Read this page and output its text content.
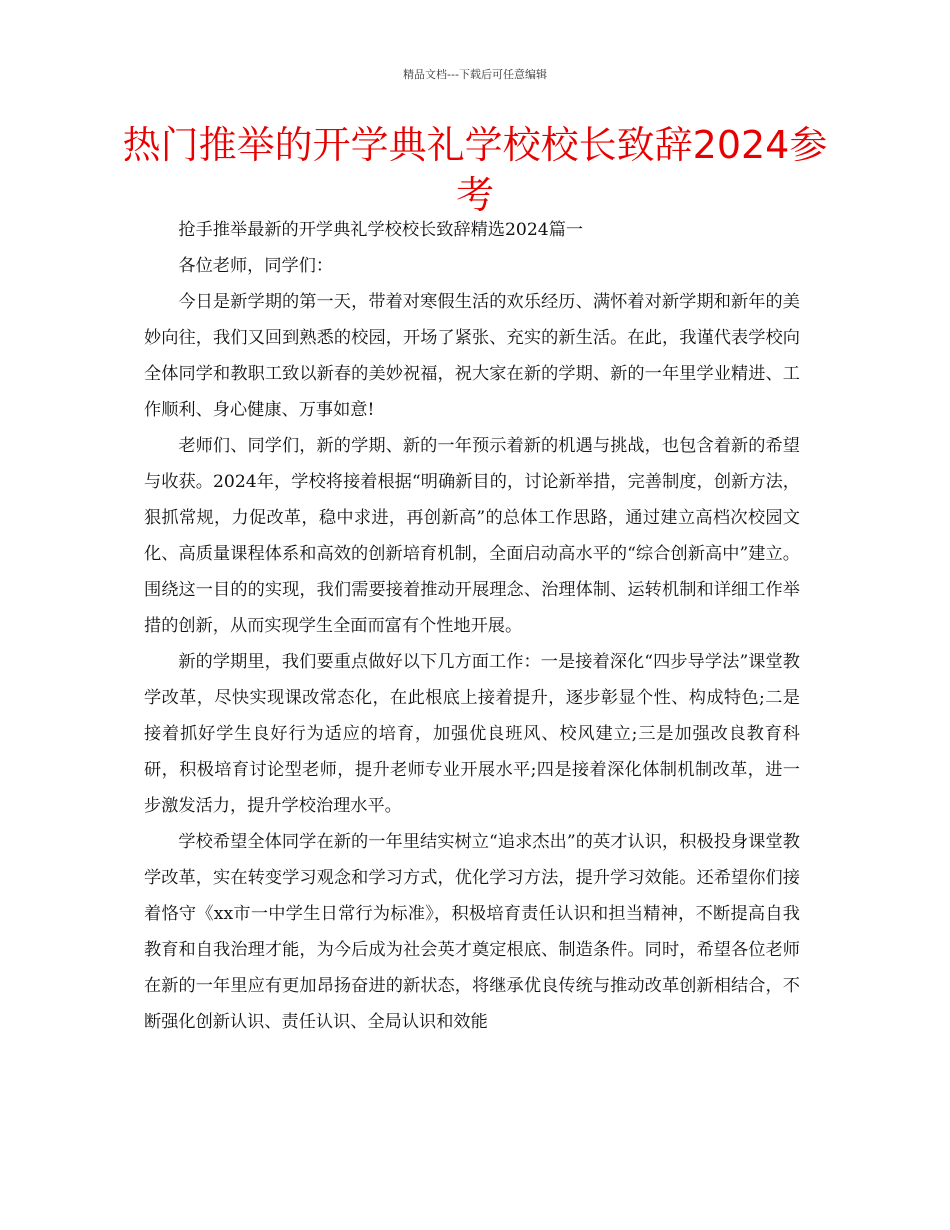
精品文档---下载后可任意编辑
热门推举的开学典礼学校校长致辞2024参考

抢手推举最新的开学典礼学校校长致辞精选2024篇一

各位老师，同学们：

今日是新学期的第一天，带着对寒假生活的欢乐经历、满怀着对新学期和新年的美妙向往，我们又回到熟悉的校园，开场了紧张、充实的新生活。在此，我谨代表学校向全体同学和教职工致以新春的美妙祝福，祝大家在新的学期、新的一年里学业精进、工作顺利、身心健康、万事如意!

老师们、同学们，新的学期、新的一年预示着新的机遇与挑战，也包含着新的希望与收获。2024年，学校将接着根据“明确新目的，讨论新举措，完善制度，创新方法，狠抓常规，力促改革，稳中求进，再创新高”的总体工作思路，通过建立高档次校园文化、高质量课程体系和高效的创新培育机制，全面启动高水平的“综合创新高中”建立。围绕这一目的的实现，我们需要接着推动开展理念、治理体制、运转机制和详细工作举措的创新，从而实现学生全面而富有个性地开展。

新的学期里，我们要重点做好以下几方面工作：一是接着深化“四步导学法”课堂教学改革，尽快实现课改常态化，在此根底上接着提升，逐步彰显个性、构成特色;二是接着抓好学生良好行为适应的培育，加强优良班风、校风建立;三是加强改良教育科研，积极培育讨论型老师，提升老师专业开展水平;四是接着深化体制机制改革，进一步激发活力，提升学校治理水平。

学校希望全体同学在新的一年里结实树立“追求杰出”的英才认识，积极投身课堂教学改革，实在转变学习观念和学习方式，优化学习方法，提升学习效能。还希望你们接着恪守《xx市一中学生日常行为标准》，积极培育责任认识和担当精神，不断提高自我教育和自我治理才能，为今后成为社会英才奠定根底、制造条件。同时，希望各位老师在新的一年里应有更加昂扬奋进的新状态，将继承优良传统与推动改革创新相结合，不断强化创新认识、责任认识、全局认识和效能
